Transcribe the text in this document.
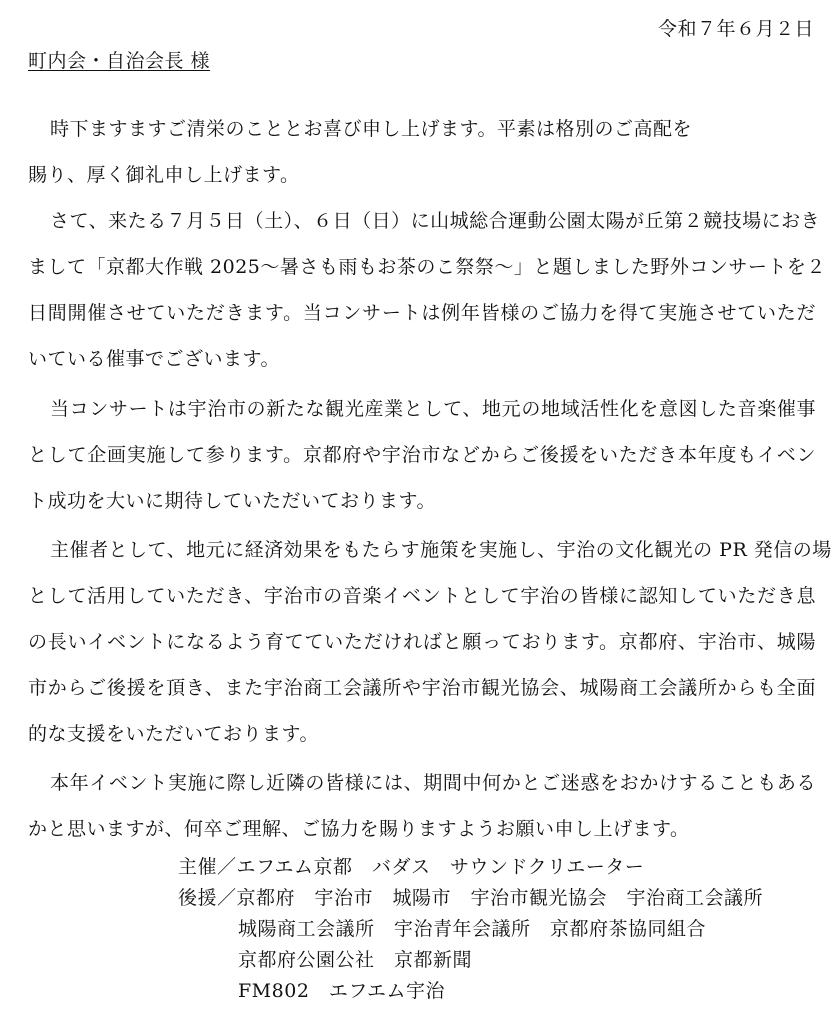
令和７年６月２日
町内会・自治会長 様
時下ますますご清栄のこととお喜び申し上げます。平素は格別のご高配を
賜り、厚く御礼申し上げます。
さて、来たる７月５日（土）、６日（日）に山城総合運動公園太陽が丘第２競技場におき
まして「京都大作戦 2025～暑さも雨もお茶のこ祭祭～」と題しました野外コンサートを２
日間開催させていただきます。当コンサートは例年皆様のご協力を得て実施させていただ
いている催事でございます。
当コンサートは宇治市の新たな観光産業として、地元の地域活性化を意図した音楽催事
として企画実施して参ります。京都府や宇治市などからご後援をいただき本年度もイベン
ト成功を大いに期待していただいております。
主催者として、地元に経済効果をもたらす施策を実施し、宇治の文化観光の PR 発信の場
として活用していただき、宇治市の音楽イベントとして宇治の皆様に認知していただき息
の長いイベントになるよう育てていただければと願っております。京都府、宇治市、城陽
市からご後援を頂き、また宇治商工会議所や宇治市観光協会、城陽商工会議所からも全面
的な支援をいただいております。
本年イベント実施に際し近隣の皆様には、期間中何かとご迷惑をおかけすることもある
かと思いますが、何卒ご理解、ご協力を賜りますようお願い申し上げます。
主催／エフエム京都　バダス　サウンドクリエーター
後援／京都府　宇治市　城陽市　宇治市観光協会　宇治商工会議所
城陽商工会議所　宇治青年会議所　京都府茶協同組合
京都府公園公社　京都新聞
FM802　エフエム宇治
